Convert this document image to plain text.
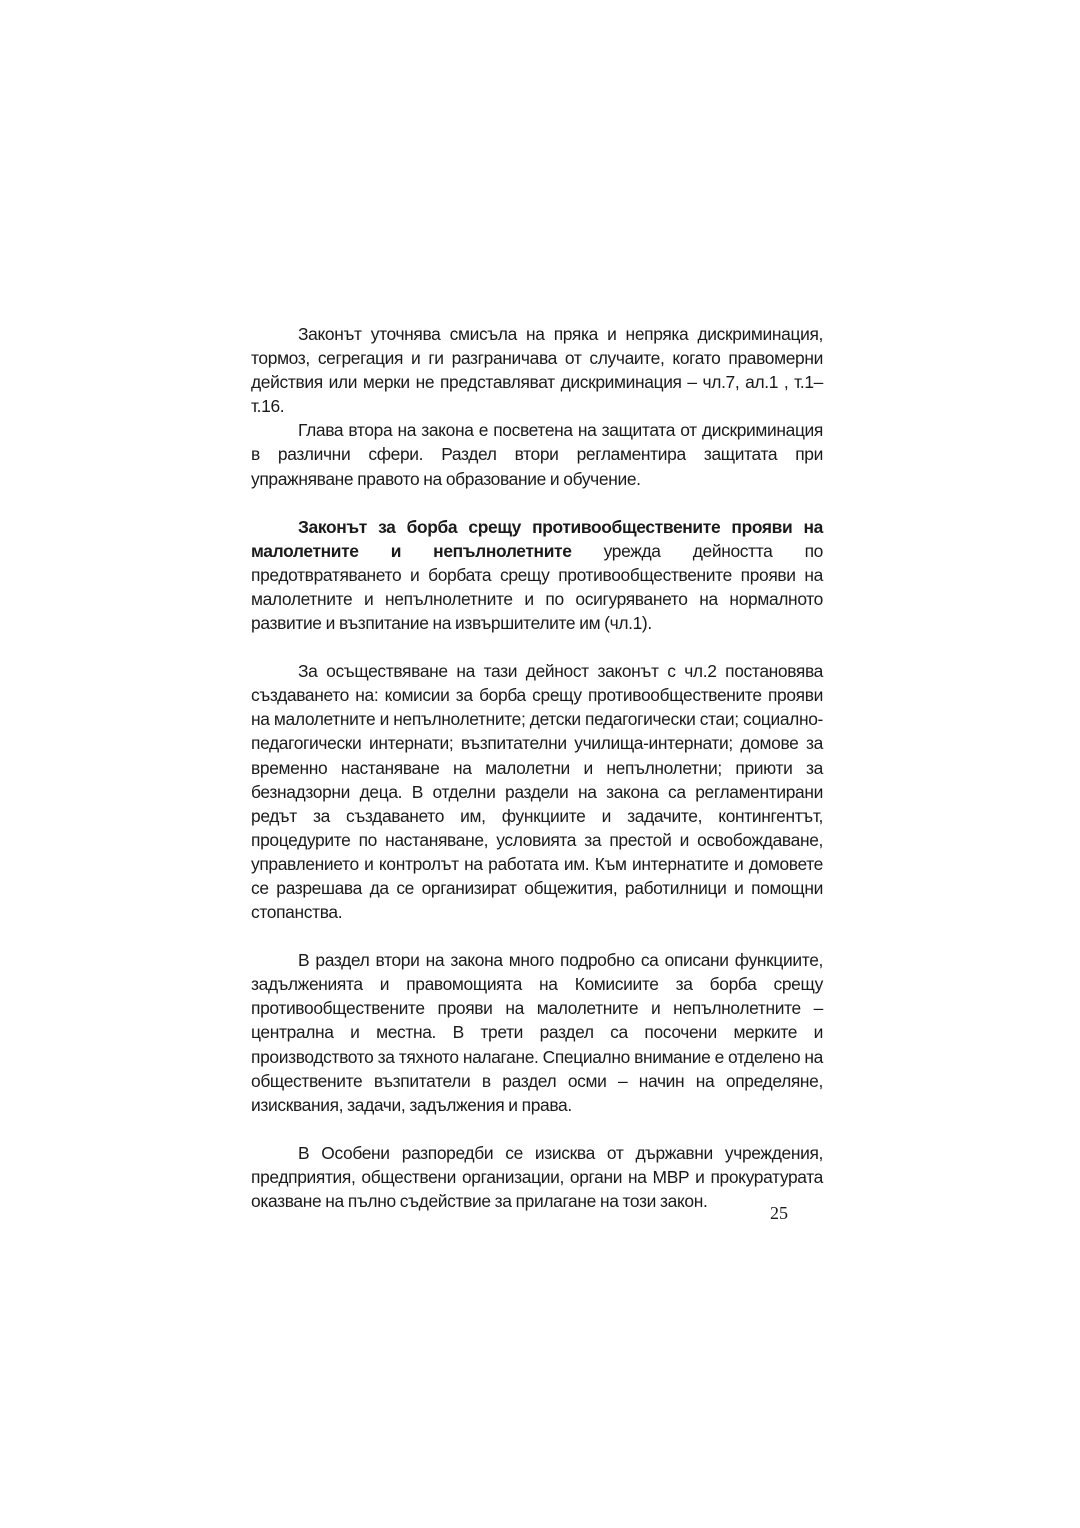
Законът уточнява смисъла на пряка и непряка дискриминация, тормоз, сегрегация и ги разграничава от случаите, когато правомерни действия или мерки не представляват дискриминация – чл.7, ал.1 , т.1– т.16.

Глава втора на закона е посветена на защитата от дискриминация в различни сфери. Раздел втори регламентира защитата при упражняване правото на образование и обучение.

Законът за борба срещу противообществените прояви на малолетните и непълнолетните урежда дейността по предотвратяването и борбата срещу противообществените прояви на малолетните и непълнолетните и по осигуряването на нормалното развитие и възпитание на извършителите им (чл.1).

За осъществяване на тази дейност законът с чл.2 постановява създаването на: комисии за борба срещу противообществените прояви на малолетните и непълнолетните; детски педагогически стаи; социално-педагогически интернати; възпитателни училища-интернати; домове за временно настаняване на малолетни и непълнолетни; приюти за безнадзорни деца. В отделни раздели на закона са регламентирани редът за създаването им, функциите и задачите, контингентът, процедурите по настаняване, условията за престой и освобождаване, управлението и контролът на работата им. Към интернатите и домовете се разрешава да се организират общежития, работилници и помощни стопанства.

В раздел втори на закона много подробно са описани функциите, задълженията и правомощията на Комисиите за борба срещу противообществените прояви на малолетните и непълнолетните – централна и местна. В трети раздел са посочени мерките и производството за тяхното налагане. Специално внимание е отделено на обществените възпитатели в раздел осми – начин на определяне, изисквания, задачи, задължения и права.

В Особени разпоредби се изисква от държавни учреждения, предприятия, обществени организации, органи на МВР и прокуратурата оказване на пълно съдействие за прилагане на този закон.

25
